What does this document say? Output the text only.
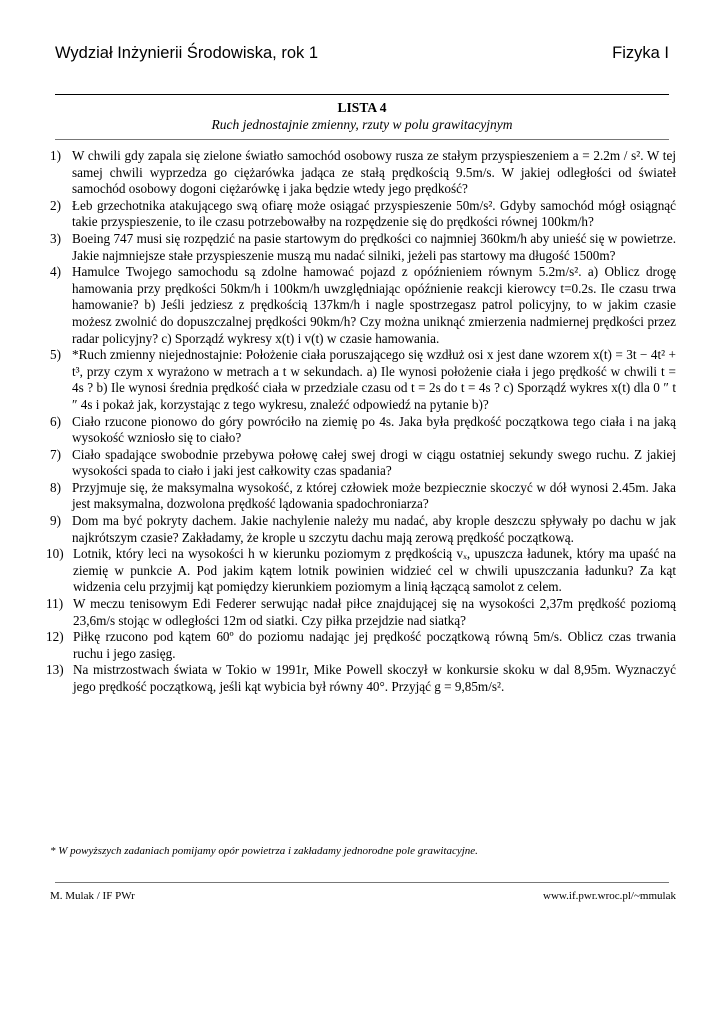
Wydział Inżynierii Środowiska, rok 1	Fizyka I
LISTA 4
Ruch jednostajnie zmienny, rzuty w polu grawitacyjnym
1) W chwili gdy zapala się zielone światło samochód osobowy rusza ze stałym przyspieszeniem a = 2.2m / s². W tej samej chwili wyprzedza go ciężarówka jadąca ze stałą prędkością 9.5m/s. W jakiej odległości od świateł samochód osobowy dogoni ciężarówkę i jaka będzie wtedy jego prędkość?
2) Łeb grzechotnika atakującego swą ofiarę może osiągać przyspieszenie 50m/s². Gdyby samochód mógł osiągnąć takie przyspieszenie, to ile czasu potrzebowałby na rozpędzenie się do prędkości równej 100km/h?
3) Boeing 747 musi się rozpędzić na pasie startowym do prędkości co najmniej 360km/h aby unieść się w powietrze. Jakie najmniejsze stałe przyspieszenie muszą mu nadać silniki, jeżeli pas startowy ma długość 1500m?
4) Hamulce Twojego samochodu są zdolne hamować pojazd z opóźnieniem równym 5.2m/s². a) Oblicz drogę hamowania przy prędkości 50km/h i 100km/h uwzględniając opóźnienie reakcji kierowcy t=0.2s. Ile czasu trwa hamowanie? b) Jeśli jedziesz z prędkością 137km/h i nagle spostrzegasz patrol policyjny, to w jakim czasie możesz zwolnić do dopuszczalnej prędkości 90km/h? Czy można uniknąć zmierzenia nadmiernej prędkości przez radar policyjny? c) Sporządź wykresy x(t) i v(t) w czasie hamowania.
5) *Ruch zmienny niejednostajnie: Położenie ciała poruszającego się wzdłuż osi x jest dane wzorem x(t) = 3t − 4t² + t³, przy czym x wyrażono w metrach a t w sekundach. a) Ile wynosi położenie ciała i jego prędkość w chwili t = 4s ? b) Ile wynosi średnia prędkość ciała w przedziale czasu od t = 2s do t = 4s ? c) Sporządź wykres x(t) dla 0 ″ t ″ 4s i pokaż jak, korzystając z tego wykresu, znaleźć odpowiedź na pytanie b)?
6) Ciało rzucone pionowo do góry powróciło na ziemię po 4s. Jaka była prędkość początkowa tego ciała i na jaką wysokość wzniosło się to ciało?
7) Ciało spadające swobodnie przebywa połowę całej swej drogi w ciągu ostatniej sekundy swego ruchu. Z jakiej wysokości spada to ciało i jaki jest całkowity czas spadania?
8) Przyjmuje się, że maksymalna wysokość, z której człowiek może bezpiecznie skoczyć w dół wynosi 2.45m. Jaka jest maksymalna, dozwolona prędkość lądowania spadochroniarza?
9) Dom ma być pokryty dachem. Jakie nachylenie należy mu nadać, aby krople deszczu spływały po dachu w jak najkrótszym czasie? Zakładamy, że krople u szczytu dachu mają zerową prędkość początkową.
10) Lotnik, który leci na wysokości h w kierunku poziomym z prędkością vₓ, upuszcza ładunek, który ma upaść na ziemię w punkcie A. Pod jakim kątem lotnik powinien widzieć cel w chwili upuszczania ładunku? Za kąt widzenia celu przyjmij kąt pomiędzy kierunkiem poziomym a linią łączącą samolot z celem.
11) W meczu tenisowym Edi Federer serwując nadał piłce znajdującej się na wysokości 2,37m prędkość poziomą 23,6m/s stojąc w odległości 12m od siatki. Czy piłka przejdzie nad siatką?
12) Piłkę rzucono pod kątem 60º do poziomu nadając jej prędkość początkową równą 5m/s. Oblicz czas trwania ruchu i jego zasięg.
13) Na mistrzostwach świata w Tokio w 1991r, Mike Powell skoczył w konkursie skoku w dal 8,95m. Wyznaczyć jego prędkość początkową, jeśli kąt wybicia był równy 40°. Przyjąć g = 9,85m/s².
* W powyższych zadaniach pomijamy opór powietrza i zakładamy jednorodne pole grawitacyjne.
M. Mulak / IF PWr	www.if.pwr.wroc.pl/~mmulak
